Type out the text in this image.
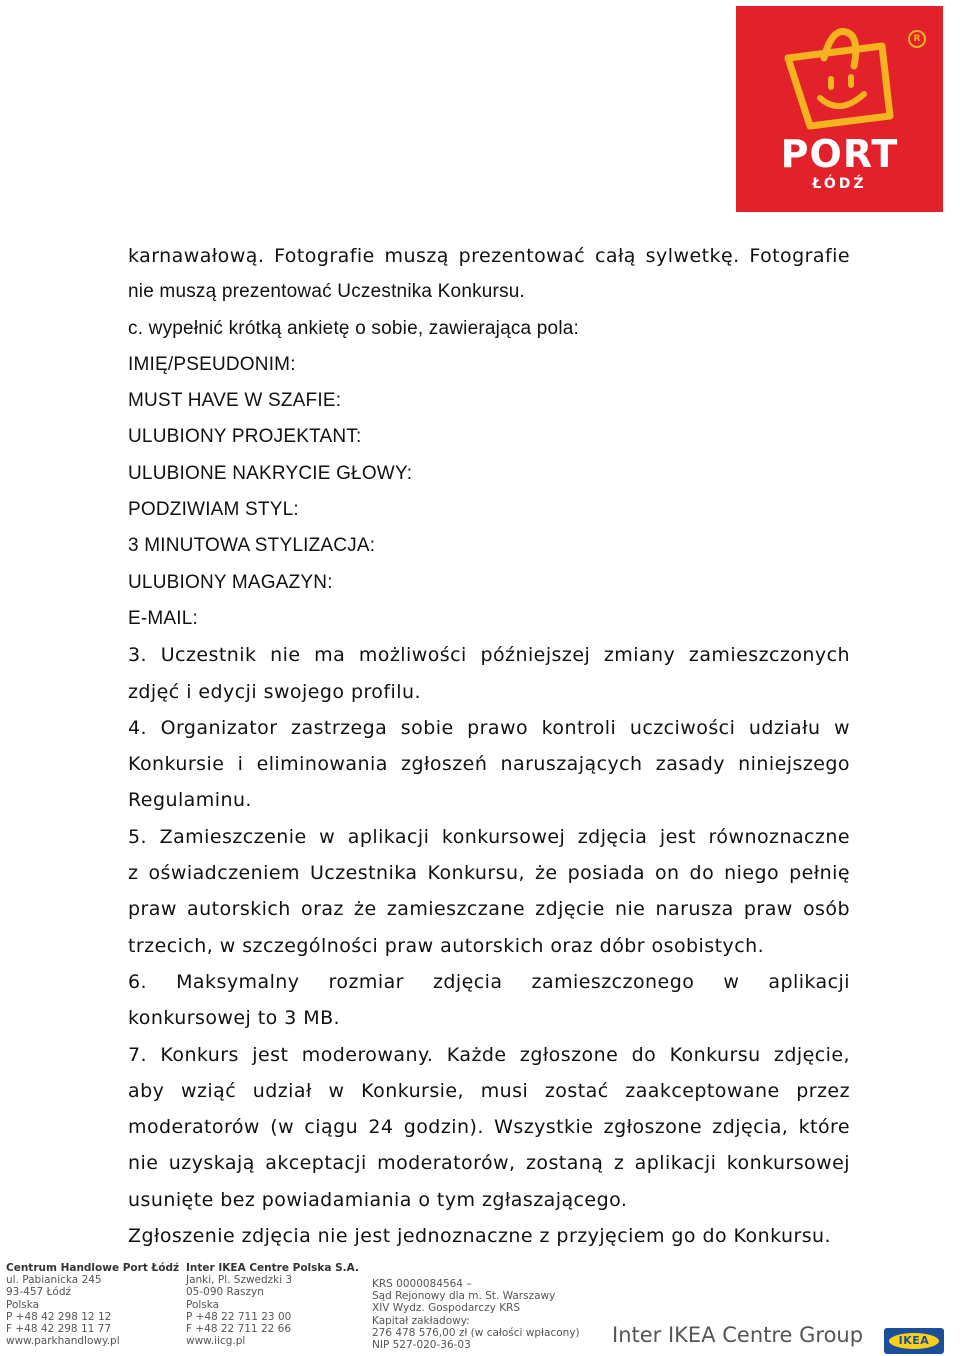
R
PORT
ŁÓDŹ
karnawałową. Fotografie muszą prezentować całą sylwetkę. Fotografie
nie muszą prezentować Uczestnika Konkursu.
c. wypełnić krótką ankietę o sobie, zawierająca pola:
IMIĘ/PSEUDONIM:
MUST HAVE W SZAFIE:
ULUBIONY PROJEKTANT:
ULUBIONE NAKRYCIE GŁOWY:
PODZIWIAM STYL:
3 MINUTOWA STYLIZACJA:
ULUBIONY MAGAZYN:
E-MAIL:
3. Uczestnik nie ma możliwości późniejszej zmiany zamieszczonych
zdjęć i edycji swojego profilu.
4. Organizator zastrzega sobie prawo kontroli uczciwości udziału w
Konkursie i eliminowania zgłoszeń naruszających zasady niniejszego
Regulaminu.
5. Zamieszczenie w aplikacji konkursowej zdjęcia jest równoznaczne
z oświadczeniem Uczestnika Konkursu, że posiada on do niego pełnię
praw autorskich oraz że zamieszczane zdjęcie nie narusza praw osób
trzecich, w szczególności praw autorskich oraz dóbr osobistych.
6. Maksymalny rozmiar zdjęcia zamieszczonego w aplikacji
konkursowej to 3 MB.
7. Konkurs jest moderowany. Każde zgłoszone do Konkursu zdjęcie,
aby wziąć udział w Konkursie, musi zostać zaakceptowane przez
moderatorów (w ciągu 24 godzin). Wszystkie zgłoszone zdjęcia, które
nie uzyskają akceptacji moderatorów, zostaną z aplikacji konkursowej
usunięte bez powiadamiania o tym zgłaszającego.
Zgłoszenie zdjęcia nie jest jednoznaczne z przyjęciem go do Konkursu.
Centrum Handlowe Port Łódź
ul. Pabianicka 245
93-457 Łódź
Polska
P +48 42 298 12 12
F +48 42 298 11 77
www.parkhandlowy.pl
Inter IKEA Centre Polska S.A.
Janki, Pl. Szwedzki 3
05-090 Raszyn
Polska
P +48 22 711 23 00
F +48 22 711 22 66
www.iicg.pl
KRS 0000084564 –
Sąd Rejonowy dla m. St. Warszawy
XIV Wydz. Gospodarczy KRS
Kapitał zakładowy:
276 478 576,00 zł (w całości wpłacony)
NIP 527-020-36-03	Inter IKEA Centre Group	IKEA
